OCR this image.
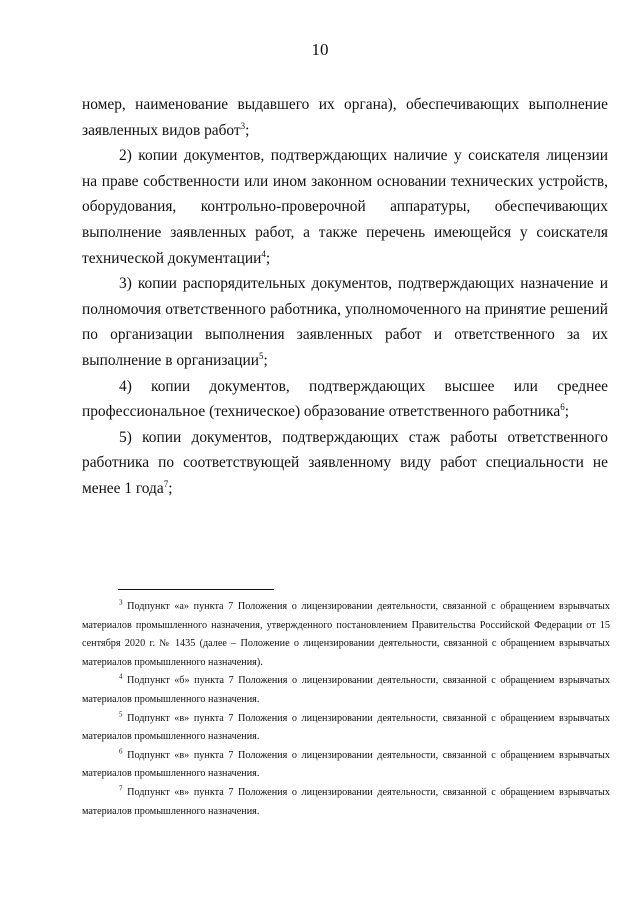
10

номер, наименование выдавшего их органа), обеспечивающих выполнение заявленных видов работ$^3$;

2) копии документов, подтверждающих наличие у соискателя лицензии на праве собственности или ином законном основании технических устройств, оборудования, контрольно-проверочной аппаратуры, обеспечивающих выполнение заявленных работ, а также перечень имеющейся у соискателя технической документации$^4$;

3) копии распорядительных документов, подтверждающих назначение и полномочия ответственного работника, уполномоченного на принятие решений по организации выполнения заявленных работ и ответственного за их выполнение в организации$^5$;

4) копии документов, подтверждающих высшее или среднее профессиональное (техническое) образование ответственного работника$^6$;

5) копии документов, подтверждающих стаж работы ответственного работника по соответствующей заявленному виду работ специальности не менее 1 года$^7$;

$^3$ Подпункт «а» пункта 7 Положения о лицензировании деятельности, связанной с обращением взрывчатых материалов промышленного назначения, утвержденного постановлением Правительства Российской Федерации от 15 сентября 2020 г. № 1435 (далее – Положение о лицензировании деятельности, связанной с обращением взрывчатых материалов промышленного назначения).

$^4$ Подпункт «б» пункта 7 Положения о лицензировании деятельности, связанной с обращением взрывчатых материалов промышленного назначения.

$^5$ Подпункт «в» пункта 7 Положения о лицензировании деятельности, связанной с обращением взрывчатых материалов промышленного назначения.

$^6$ Подпункт «в» пункта 7 Положения о лицензировании деятельности, связанной с обращением взрывчатых материалов промышленного назначения.

$^7$ Подпункт «в» пункта 7 Положения о лицензировании деятельности, связанной с обращением взрывчатых материалов промышленного назначения.
